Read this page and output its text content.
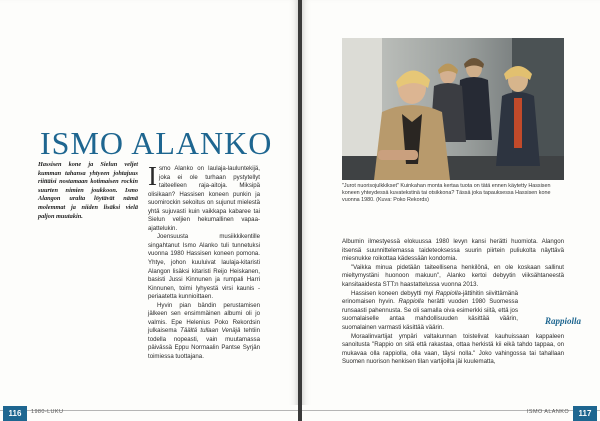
ISMO ALANKO
Hassisen kone ja Sielun veljet kumman tahansa yhtyeen johtajuus riittäisi nostamaan kotimaisen rockin suurten nimien joukkoon. Ismo Alangon uralta löytävät nämä molemmat ja niiden lisäksi vielä paljon muutakin.

Ismo Alanko on laulaja-lauluntekijä, joka ei ole turhaan pystytellyt taiteelleen raja-aitoja. Miksipä olisikaan? Hassisen koneen punkin ja suomirockin sekoitus on sujunut mielestä yhtä sujuvasti kuin vaikkapa kabaree tai Sielun veljien hekumallinen vapaa-ajattelukin.

Joensuusta musiikkikentille singahtanut Ismo Alanko tuli tunnetuksi vuonna 1980 Hassisen koneen pomona. Yhtye, johon kuuluivat laulaja-kitaristi Alangon lisäksi kitaristi Reijo Heiskanen, basisti Jussi Kinnunen ja rumpali Harri Kinnunen, toimi lyhyestä virsi kaunis -periaatetta kunnioittaen.

Hyvin pian bändin perustamisen jälkeen sen ensimmäinen albumi oli jo valmis. Epe Helenius Poko Rekordsin julkaisema Täältä tullaan Venäjä tehtiin todella nopeasti, vain muutamassa päivässä Eppu Normaalin Pantse Syrjän toimiessa tuottajana.

116	1980-LUKU
"Jurot nuorisojulkkikset" Kuinkahan monta kertaa tuota on tätä ennen käytetty Hassisen koneen yhteydessä kuvatekstinä tai otsikkona? Tässä jokа tapauksessa Hassisen kone vuonna 1980. (Kuva: Poko Rekords)

Albumin ilmestyessä elokuussa 1980 levyn kansi herätti huomiota. Alangon itsensä suunnittelemassa taideteoksessa suurin piirtein puliukolta näyttävä miesnukke roikottaa kädessään kondomia.

"Vaikka minua pidetään taiteellisena henkilönä, en ole koskaan sallinut mieltymystäni huonoon makuun", Alanko kertoi debyytin viiksähtaneestä kansitaaidesta STT:n haastattelussa vuonna 2013.

Hassisen koneen debyytti myi Rappiolla-jättihitin siivittämänä erinomaisen hyvin. Rappiolla herätti vuoden 1980 Suomessa runsaasti pahennusta. Se oli samalla oiva esimerkki siitä, että jos suomalaiselle antaa mahdollisuuden käsittää väärin, suomalainen varmasti käsittää väärin.

Moraalinvartijat ympäri valtakunnan toistelivat kauhuissaan kappaleen sanoitusta "Rappio on sitä että rakastaa, ottaa herkistä kii eikä tahdo tappaa, on mukavaa olla rappiolla, olla vaan, täysi nolla." Joko vahingossa tai tahallaan Suomen nuorison henkisen tilan vartijoilta jäi kuulematta,

Rappiolla
ISMO ALANKO	117
